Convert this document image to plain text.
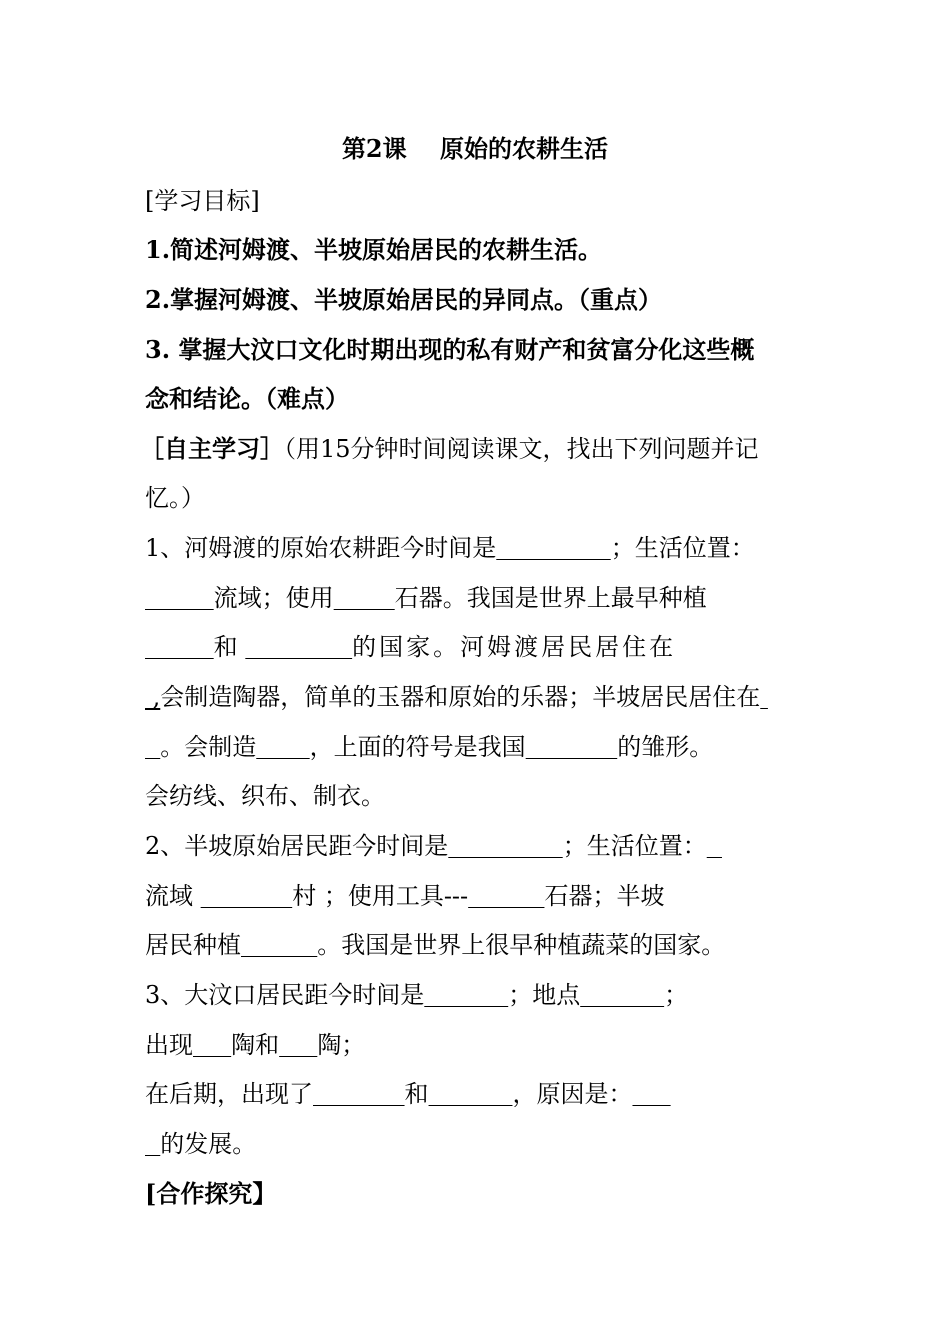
第2课    原始的农耕生活
[学习目标]
1.简述河姆渡、半坡原始居民的农耕生活。
2.掌握河姆渡、半坡原始居民的异同点。（重点）
3. 掌握大汶口文化时期出现的私有财产和贫富分化这些概
念和结论。（难点）
［自主学习］（用15分钟时间阅读课文，找出下列问题并记
忆。）
1、河姆渡的原始农耕距今时间是	；生活位置：
流域；使用	石器。我国是世界上最早种植
和	的国家。河姆渡居民居住在
,会制造陶器，简单的玉器和原始的乐器；半坡居民居住在
。会制造 ，上面的符号是我国	的雏形。
会纺线、织布、制衣。
2、半坡原始居民距今时间是	；生活位置：
流域	村 ；使用工具---	石器；半坡
居民种植	。我国是世界上很早种植蔬菜的国家。
3、大汶口居民距今时间是	；地点	；
出现 陶和 陶；
在后期，出现了	和	，原因是：
的发展。
[合作探究】
